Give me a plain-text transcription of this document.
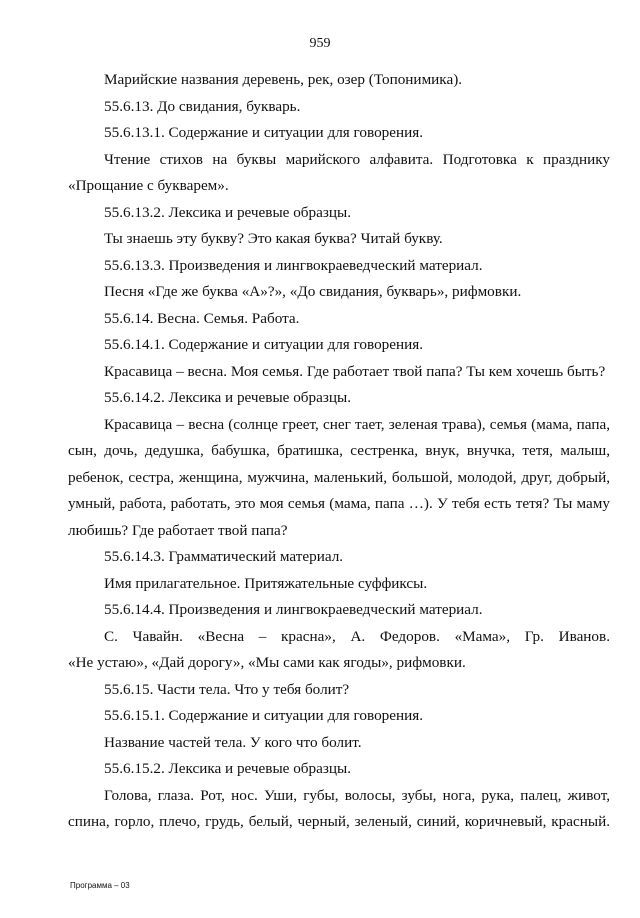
959
Марийские названия деревень, рек, озер (Топонимика).
55.6.13. До свидания, букварь.
55.6.13.1. Содержание и ситуации для говорения.
Чтение стихов на буквы марийского алфавита. Подготовка к празднику
«Прощание с букварем».
55.6.13.2. Лексика и речевые образцы.
Ты знаешь эту букву? Это какая буква? Читай букву.
55.6.13.3. Произведения и лингвокраеведческий материал.
Песня «Где же буква «А»?», «До свидания, букварь», рифмовки.
55.6.14. Весна. Семья. Работа.
55.6.14.1. Содержание и ситуации для говорения.
Красавица – весна. Моя семья. Где работает твой папа? Ты кем хочешь быть?
55.6.14.2. Лексика и речевые образцы.
Красавица – весна (солнце греет, снег тает, зеленая трава), семья (мама, папа,
сын, дочь, дедушка, бабушка, братишка, сестренка, внук, внучка, тетя, малыш,
ребенок, сестра, женщина, мужчина, маленький, большой, молодой, друг, добрый,
умный, работа, работать, это моя семья (мама, папа …). У тебя есть тетя? Ты маму
любишь? Где работает твой папа?
55.6.14.3. Грамматический материал.
Имя прилагательное. Притяжательные суффиксы.
55.6.14.4. Произведения и лингвокраеведческий материал.
С. Чавайн. «Весна – красна», А. Федоров. «Мама», Гр. Иванов.
«Не устаю», «Дай дорогу», «Мы сами как ягоды», рифмовки.
55.6.15. Части тела. Что у тебя болит?
55.6.15.1. Содержание и ситуации для говорения.
Название частей тела. У кого что болит.
55.6.15.2. Лексика и речевые образцы.
Голова, глаза. Рот, нос. Уши, губы, волосы, зубы, нога, рука, палец, живот,
спина, горло, плечо, грудь, белый, черный, зеленый, синий, коричневый, красный.
Программа – 03
